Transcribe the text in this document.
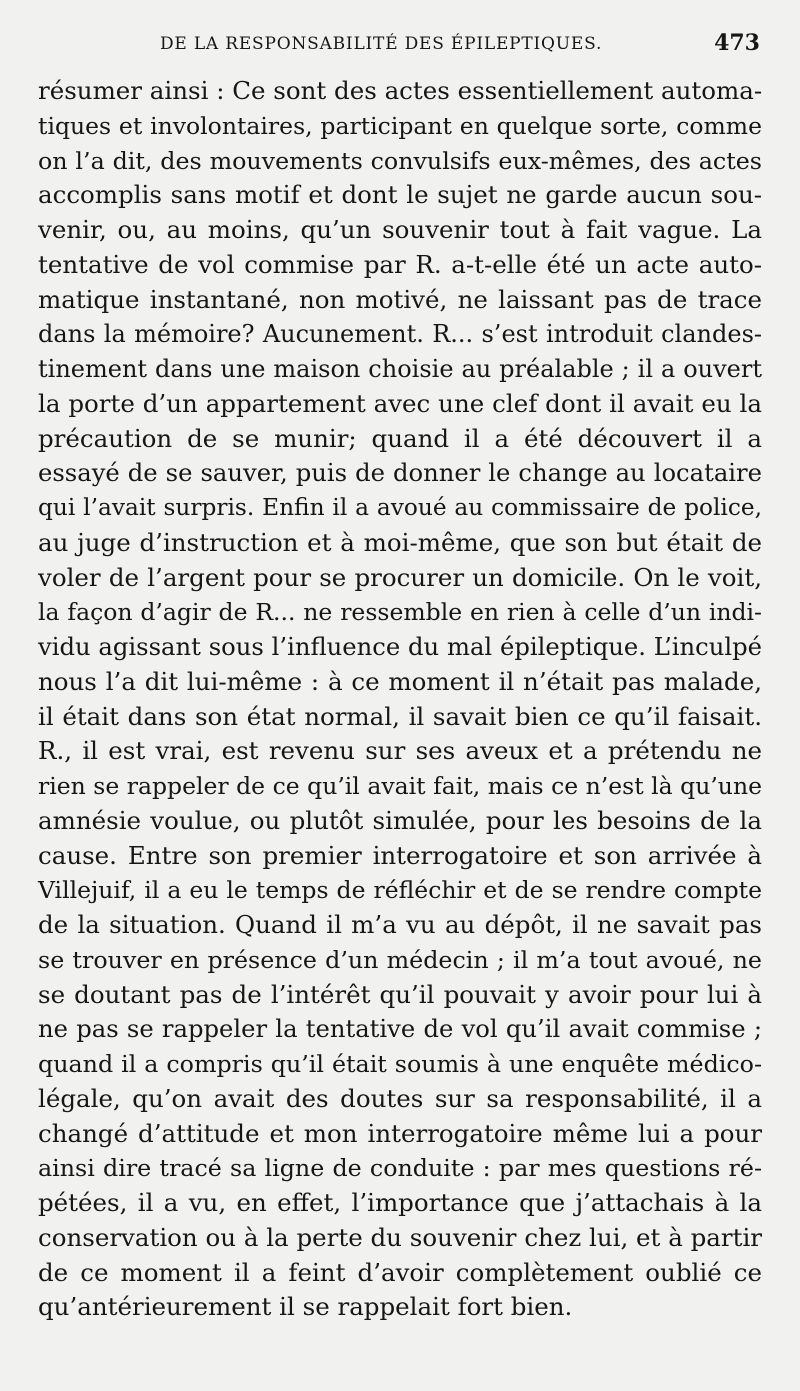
DE LA RESPONSABILITÉ DES ÉPILEPTIQUES.	473
résumer ainsi : Ce sont des actes essentiellement automa-
tiques et involontaires, participant en quelque sorte, comme
on l’a dit, des mouvements convulsifs eux-mêmes, des actes
accomplis sans motif et dont le sujet ne garde aucun sou-
venir, ou, au moins, qu’un souvenir tout à fait vague. La
tentative de vol commise par R. a-t-elle été un acte auto-
matique instantané, non motivé, ne laissant pas de trace
dans la mémoire? Aucunement. R... s’est introduit clandes-
tinement dans une maison choisie au préalable ; il a ouvert
la porte d’un appartement avec une clef dont il avait eu la
précaution de se munir; quand il a été découvert il a
essayé de se sauver, puis de donner le change au locataire
qui l’avait surpris. Enfin il a avoué au commissaire de police,
au juge d’instruction et à moi-même, que son but était de
voler de l’argent pour se procurer un domicile. On le voit,
la façon d’agir de R... ne ressemble en rien à celle d’un indi-
vidu agissant sous l’influence du mal épileptique. L’inculpé
nous l’a dit lui-même : à ce moment il n’était pas malade,
il était dans son état normal, il savait bien ce qu’il faisait.
R., il est vrai, est revenu sur ses aveux et a prétendu ne
rien se rappeler de ce qu’il avait fait, mais ce n’est là qu’une
amnésie voulue, ou plutôt simulée, pour les besoins de la
cause. Entre son premier interrogatoire et son arrivée à
Villejuif, il a eu le temps de réfléchir et de se rendre compte
de la situation. Quand il m’a vu au dépôt, il ne savait pas
se trouver en présence d’un médecin ; il m’a tout avoué, ne
se doutant pas de l’intérêt qu’il pouvait y avoir pour lui à
ne pas se rappeler la tentative de vol qu’il avait commise ;
quand il a compris qu’il était soumis à une enquête médico-
légale, qu’on avait des doutes sur sa responsabilité, il a
changé d’attitude et mon interrogatoire même lui a pour
ainsi dire tracé sa ligne de conduite : par mes questions ré-
pétées, il a vu, en effet, l’importance que j’attachais à la
conservation ou à la perte du souvenir chez lui, et à partir
de ce moment il a feint d’avoir complètement oublié ce
qu’antérieurement il se rappelait fort bien.
